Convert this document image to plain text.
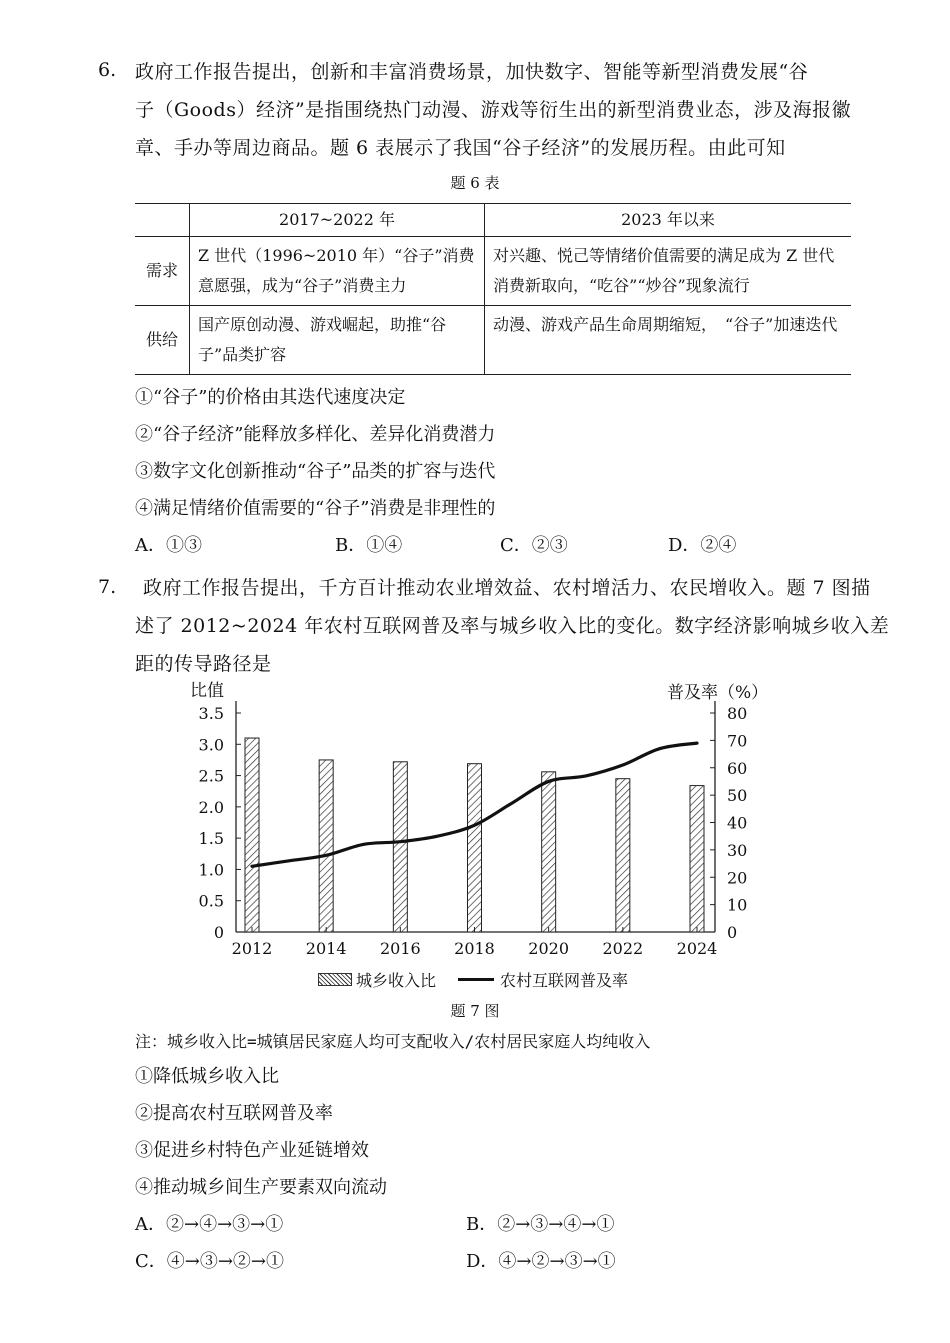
6. 政府工作报告提出，创新和丰富消费场景，加快数字、智能等新型消费发展“谷
子（Goods）经济”是指围绕热门动漫、游戏等衍生出的新型消费业态，涉及海报徽
章、手办等周边商品。题 6 表展示了我国“谷子经济”的发展历程。由此可知
题 6 表
	2017~2022 年	2023 年以来
需求	Z 世代（1996~2010 年）“谷子”消费意愿强，成为“谷子”消费主力	对兴趣、悦己等情绪价值需要的满足成为 Z 世代消费新取向，“吃谷”“炒谷”现象流行
供给	国产原创动漫、游戏崛起，助推“谷子”品类扩容	动漫、游戏产品生命周期缩短，　“谷子”加速迭代
①“谷子”的价格由其迭代速度决定
②“谷子经济”能释放多样化、差异化消费潜力
③数字文化创新推动“谷子”品类的扩容与迭代
④满足情绪价值需要的“谷子”消费是非理性的
A．①③	B．①④	C．②③	D．②④
7. 政府工作报告提出，千方百计推动农业增效益、农村增活力、农民增收入。题 7 图描
述了 2012~2024 年农村互联网普及率与城乡收入比的变化。数字经济影响城乡收入差
距的传导路径是
比值	普及率（%）
3.5
3.0
2.5
2.0
1.5
1.0
0.5
0
80
70
60
50
40
30
20
10
0
2012 2014 2016 2018 2020 2022 2024
城乡收入比	农村互联网普及率
题 7 图
注：城乡收入比=城镇居民家庭人均可支配收入/农村居民家庭人均纯收入
①降低城乡收入比
②提高农村互联网普及率
③促进乡村特色产业延链增效
④推动城乡间生产要素双向流动
A．②→④→③→①	B．②→③→④→①
C．④→③→②→①	D．④→②→③→①
